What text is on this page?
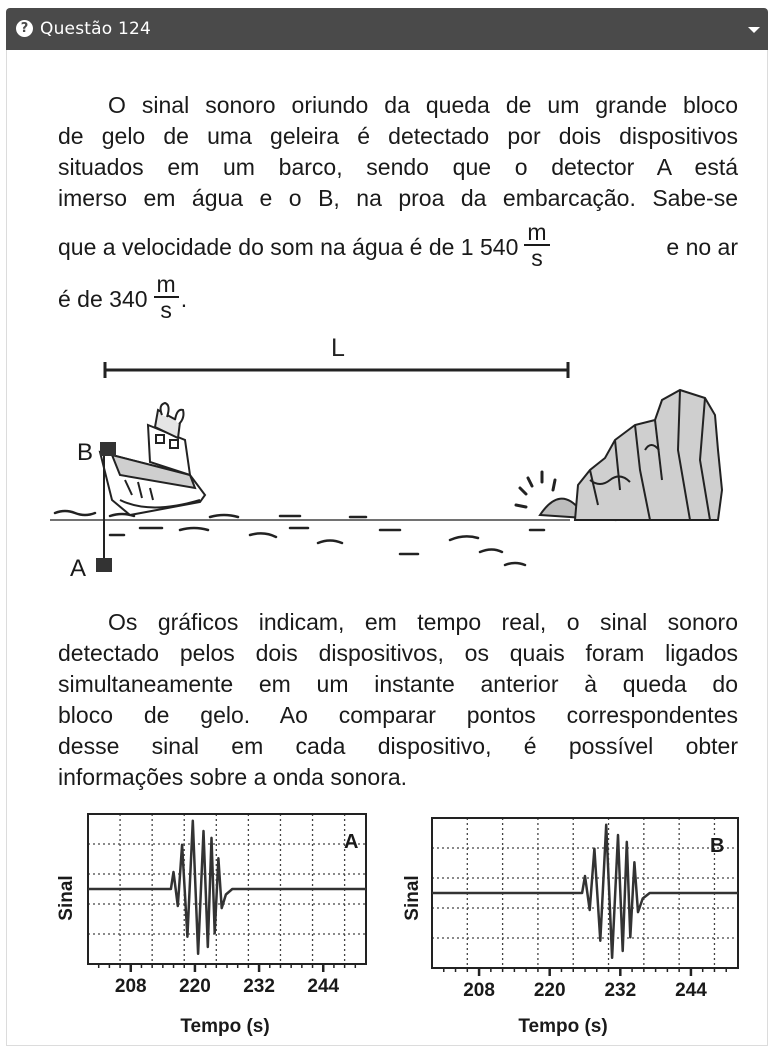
? Questão 124
O sinal sonoro oriundo da queda de um grande bloco
de gelo de uma geleira é detectado por dois dispositivos
situados em um barco, sendo que o detector A está
imerso em água e o B, na proa da embarcação. Sabe-se
que a velocidade do som na água é de 1 $540 \frac{m}{s}$	e no ar
é de $340 \frac{m}{s}$ .
L
B
A
Os gráficos indicam, em tempo real, o sinal sonoro
detectado pelos dois dispositivos, os quais foram ligados
simultaneamente em um instante anterior à queda do
bloco de gelo. Ao comparar pontos correspondentes
desse sinal em cada dispositivo, é possível obter
informações sobre a onda sonora.
Sinal
A
208 220 232 244
Tempo (s)
Sinal
B
208 220 232 244
Tempo (s)
